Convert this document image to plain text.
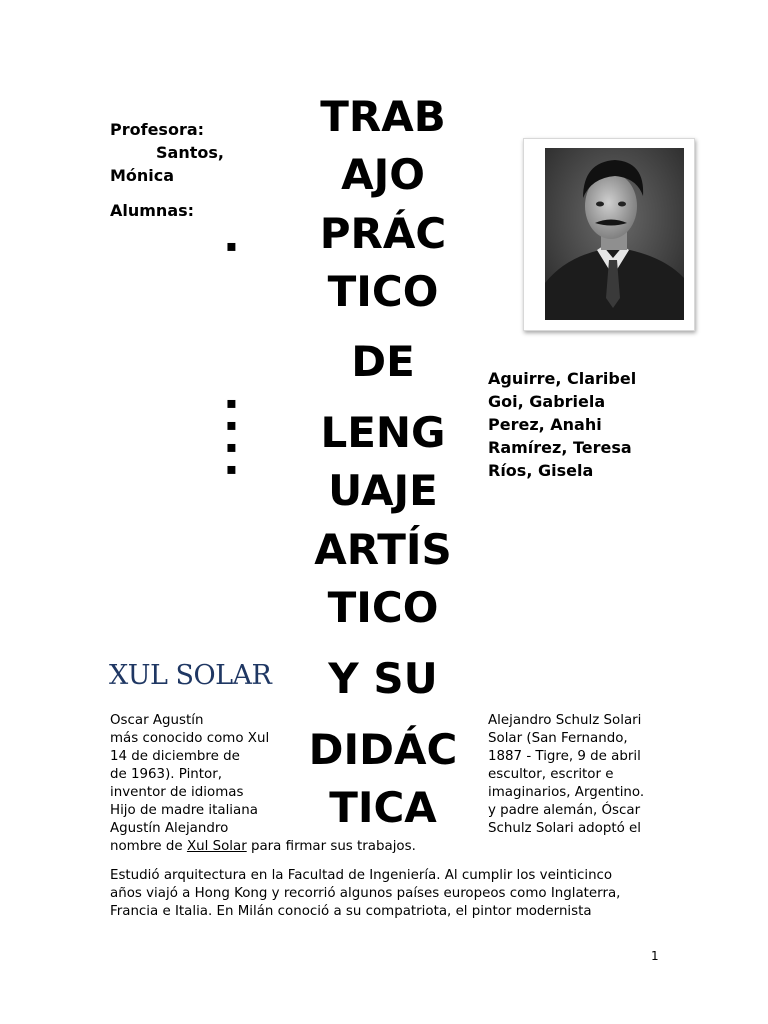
Profesora:
Santos,
Mónica
Alumnas:
▪
▪
▪
▪
▪
TRAB
AJO
PRÁC
TICO
DE
LENG
UAJE
ARTÍS
TICO
Y SU
DIDÁC
TICA
Aguirre, Claribel
Goi, Gabriela
Perez, Anahi
Ramírez, Teresa
Ríos, Gisela
XUL SOLAR
Oscar Agustín
más conocido como Xul
14 de diciembre de
de 1963). Pintor,
inventor de idiomas
Hijo de madre italiana
Agustín Alejandro
Alejandro Schulz Solari
Solar (San Fernando,
1887 - Tigre, 9 de abril
escultor, escritor e
imaginarios, Argentino.
y padre alemán, Óscar
Schulz Solari adoptó el
nombre de Xul Solar para firmar sus trabajos.
Estudió arquitectura en la Facultad de Ingeniería. Al cumplir los veinticinco
años viajó a Hong Kong y recorrió algunos países europeos como Inglaterra,
Francia e Italia. En Milán conoció a su compatriota, el pintor modernista
1
